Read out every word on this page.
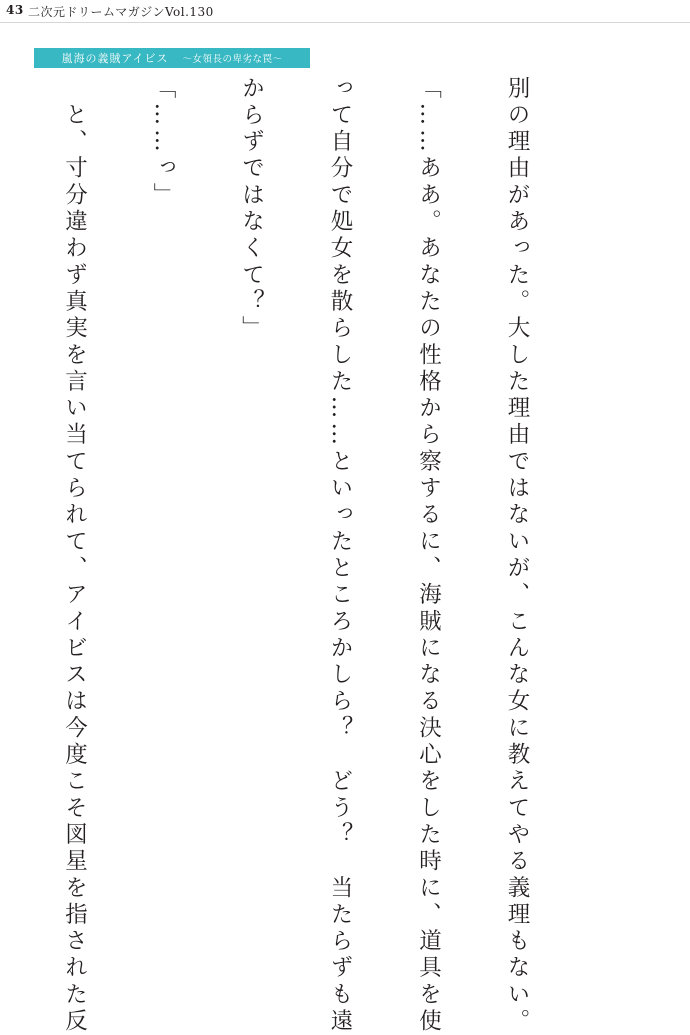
43 二次元ドリームマガジンVol.130
嵐海の義賊アイビス 〜女領長の卑劣な罠〜

別の理由があった。大した理由ではないが、こんな女に教えてやる義理もない。

「……ああ。あなたの性格から察するに、海賊になる決心をした時に、道具を使

って自分で処女を散らした……といったところかしら？　どう？　当たらずも遠

からずではなくて？」

「……っ」

　と、寸分違わず真実を言い当てられて、アイビスは今度こそ図星を指された反
